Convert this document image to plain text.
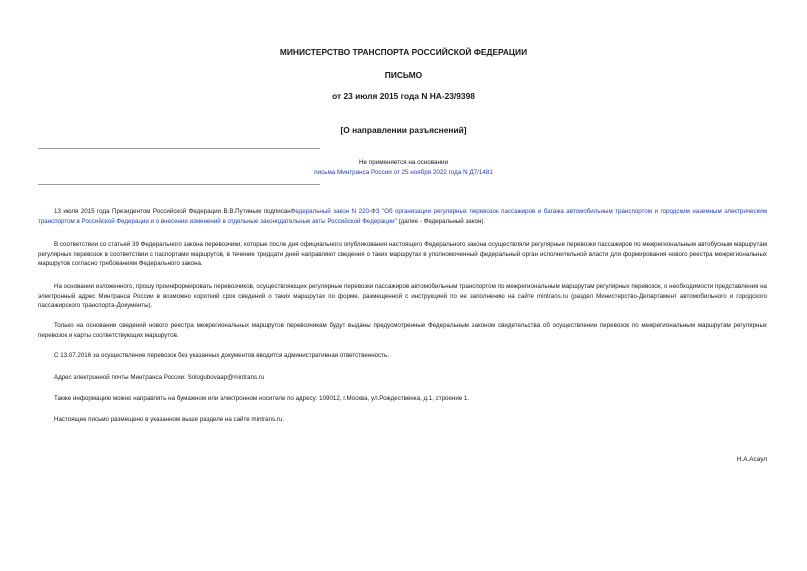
МИНИСТЕРСТВО ТРАНСПОРТА РОССИЙСКОЙ ФЕДЕРАЦИИ
ПИСЬМО
от 23 июля 2015 года N НА-23/9398
[О направлении разъяснений]
Не применяется на основании
письма Минтранса России от 25 ноября 2022 года N Д7/1481

13 июля 2015 года Президентом Российской Федерации В.В.Путиным подписанФедеральный закон N 220-ФЗ "Об организации регулярных перевозок пассажиров и багажа автомобильным транспортом и городским наземным электрическим транспортом в Российской Федерации и о внесении изменений в отдельные законодательные акты Российской Федерации" (далее - Федеральный закон).

В соответствии со статьей 39 Федерального закона перевозчики, которые после дня официального опубликования настоящего Федерального закона осуществляли регулярные перевозки пассажиров по межрегиональным автобусным маршрутам регулярных перевозок в соответствии с паспортами маршрутов, в течение тридцати дней направляют сведения о таких маршрутах в уполномоченный федеральный орган исполнительной власти для формирования нового реестра межрегиональных маршрутов согласно требованиям Федерального закона.

На основании изложенного, прошу проинформировать перевозчиков, осуществляющих регулярные перевозки пассажиров автомобильным транспортом по межрегиональным маршрутам регулярных перевозок, о необходимости представления на электронный адрес Минтранса России в возможно короткий срок сведений о таких маршрутах по форме, размещенной с инструкцией по ее заполнению на сайте mintrans.ru (раздел Министерство-Департамент автомобильного и городского пассажирского транспорта-Документы).

Только на основании сведений нового реестра межрегиональных маршрутов перевозчикам будут выданы предусмотренные Федеральным законом свидетельства об осуществлении перевозок по межрегиональным маршрутам регулярных перевозок и карты соответствующих маршрутов.

С 13.07.2016 за осуществление перевозок без указанных документов вводится административная ответственность.

Адрес электронной почты Минтранса России: Sologubovaap@mintrans.ru

Также информацию можно направлять на бумажном или электронном носителе по адресу: 109012, г.Москва, ул.Рождественка, д.1, строение 1.

Настоящее письмо размещено в указанном выше разделе на сайте mintrans.ru.

Н.А.Асаул
